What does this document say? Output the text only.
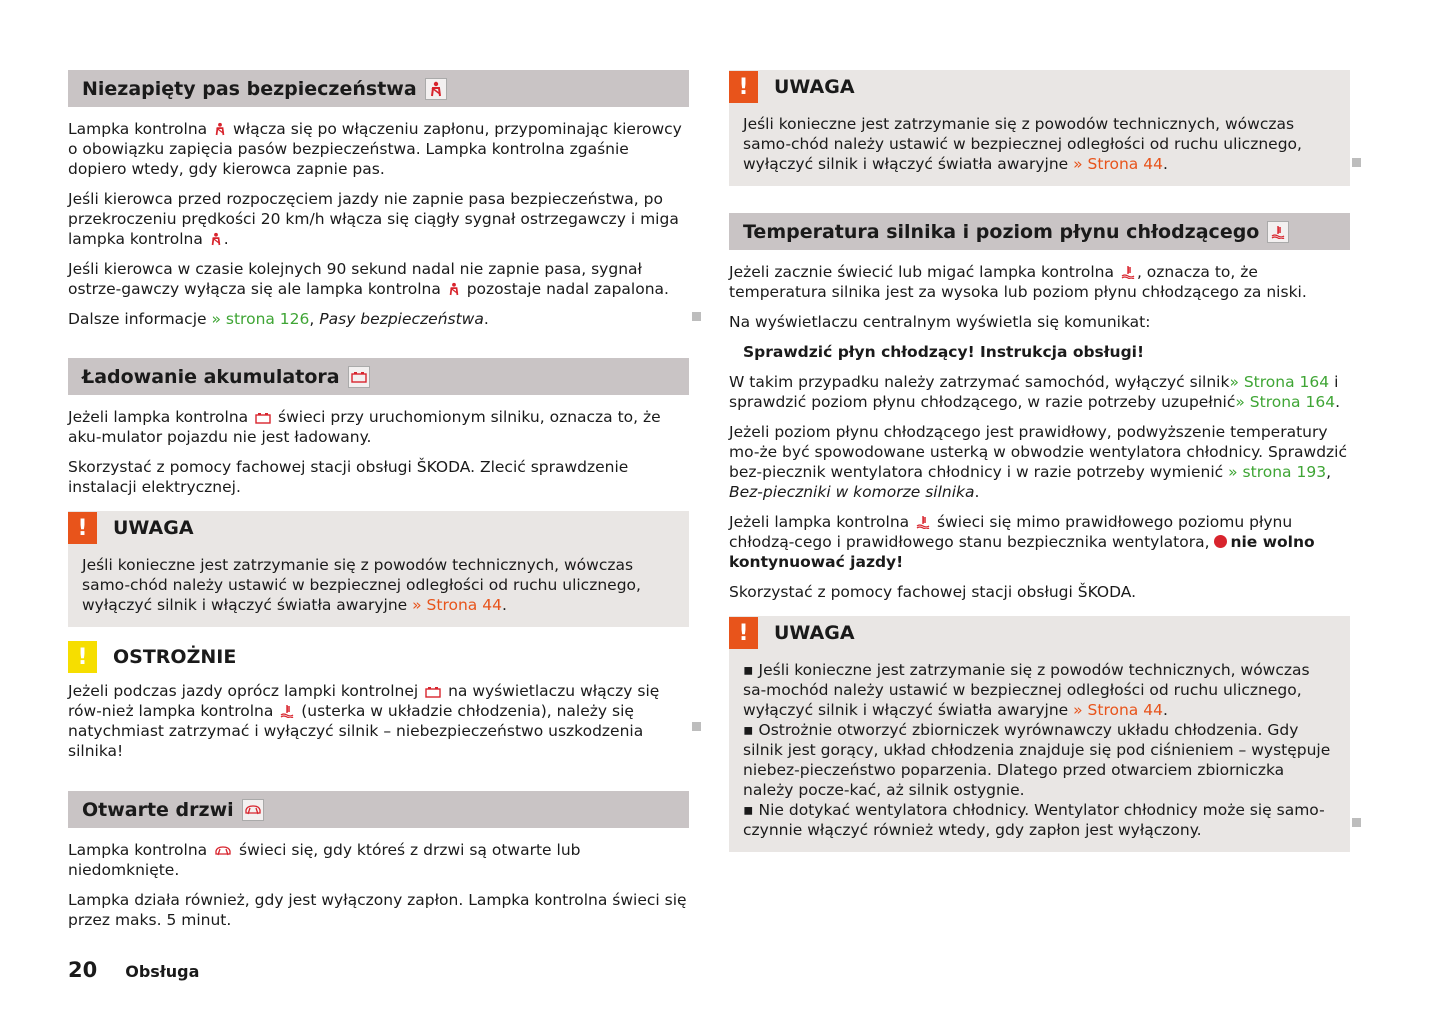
Niezapięty pas bezpieczeństwa

Lampka kontrolna włącza się po włączeniu zapłonu, przypominając kierowcy o obowiązku zapięcia pasów bezpieczeństwa. Lampka kontrolna zgaśnie dopiero wtedy, gdy kierowca zapnie pas.

Jeśli kierowca przed rozpoczęciem jazdy nie zapnie pasa bezpieczeństwa, po przekroczeniu prędkości 20 km/h włącza się ciągły sygnał ostrzegawczy i miga lampka kontrolna .

Jeśli kierowca w czasie kolejnych 90 sekund nadal nie zapnie pasa, sygnał ostrze-gawczy wyłącza się ale lampka kontrolna pozostaje nadal zapalona.

Dalsze informacje » strona 126, Pasy bezpieczeństwa.

Ładowanie akumulatora

Jeżeli lampka kontrolna świeci przy uruchomionym silniku, oznacza to, że aku-mulator pojazdu nie jest ładowany.

Skorzystać z pomocy fachowej stacji obsługi ŠKODA. Zlecić sprawdzenie instalacji elektrycznej.

!	UWAGA

Jeśli konieczne jest zatrzymanie się z powodów technicznych, wówczas samo-chód należy ustawić w bezpiecznej odległości od ruchu ulicznego, wyłączyć silnik i włączyć światła awaryjne » Strona 44.

!	OSTROŻNIE

Jeżeli podczas jazdy oprócz lampki kontrolnej na wyświetlaczu włączy się rów-nież lampka kontrolna (usterka w układzie chłodzenia), należy się natychmiast zatrzymać i wyłączyć silnik – niebezpieczeństwo uszkodzenia silnika!

Otwarte drzwi

Lampka kontrolna świeci się, gdy któreś z drzwi są otwarte lub niedomknięte.

Lampka działa również, gdy jest wyłączony zapłon. Lampka kontrolna świeci się przez maks. 5 minut.

!	UWAGA

Jeśli konieczne jest zatrzymanie się z powodów technicznych, wówczas samo-chód należy ustawić w bezpiecznej odległości od ruchu ulicznego, wyłączyć silnik i włączyć światła awaryjne » Strona 44.

Temperatura silnika i poziom płynu chłodzącego

Jeżeli zacznie świecić lub migać lampka kontrolna , oznacza to, że temperatura silnika jest za wysoka lub poziom płynu chłodzącego za niski.

Na wyświetlaczu centralnym wyświetla się komunikat:

Sprawdzić płyn chłodzący! Instrukcja obsługi!

W takim przypadku należy zatrzymać samochód, wyłączyć silnik» Strona 164 i sprawdzić poziom płynu chłodzącego, w razie potrzeby uzupełnić» Strona 164.

Jeżeli poziom płynu chłodzącego jest prawidłowy, podwyższenie temperatury mo-że być spowodowane usterką w obwodzie wentylatora chłodnicy. Sprawdzić bez-piecznik wentylatora chłodnicy i w razie potrzeby wymienić » strona 193, Bez-pieczniki w komorze silnika.

Jeżeli lampka kontrolna świeci się mimo prawidłowego poziomu płynu chłodzą-cego i prawidłowego stanu bezpiecznika wentylatora, nie wolno kontynuować jazdy!

Skorzystać z pomocy fachowej stacji obsługi ŠKODA.

!	UWAGA

▪ Jeśli konieczne jest zatrzymanie się z powodów technicznych, wówczas sa-mochód należy ustawić w bezpiecznej odległości od ruchu ulicznego, wyłączyć silnik i włączyć światła awaryjne » Strona 44.

▪ Ostrożnie otworzyć zbiorniczek wyrównawczy układu chłodzenia. Gdy silnik jest gorący, układ chłodzenia znajduje się pod ciśnieniem – występuje niebez-pieczeństwo poparzenia. Dlatego przed otwarciem zbiorniczka należy pocze-kać, aż silnik ostygnie.

▪ Nie dotykać wentylatora chłodnicy. Wentylator chłodnicy może się samo-czynnie włączyć również wtedy, gdy zapłon jest wyłączony.

20 Obsługa
